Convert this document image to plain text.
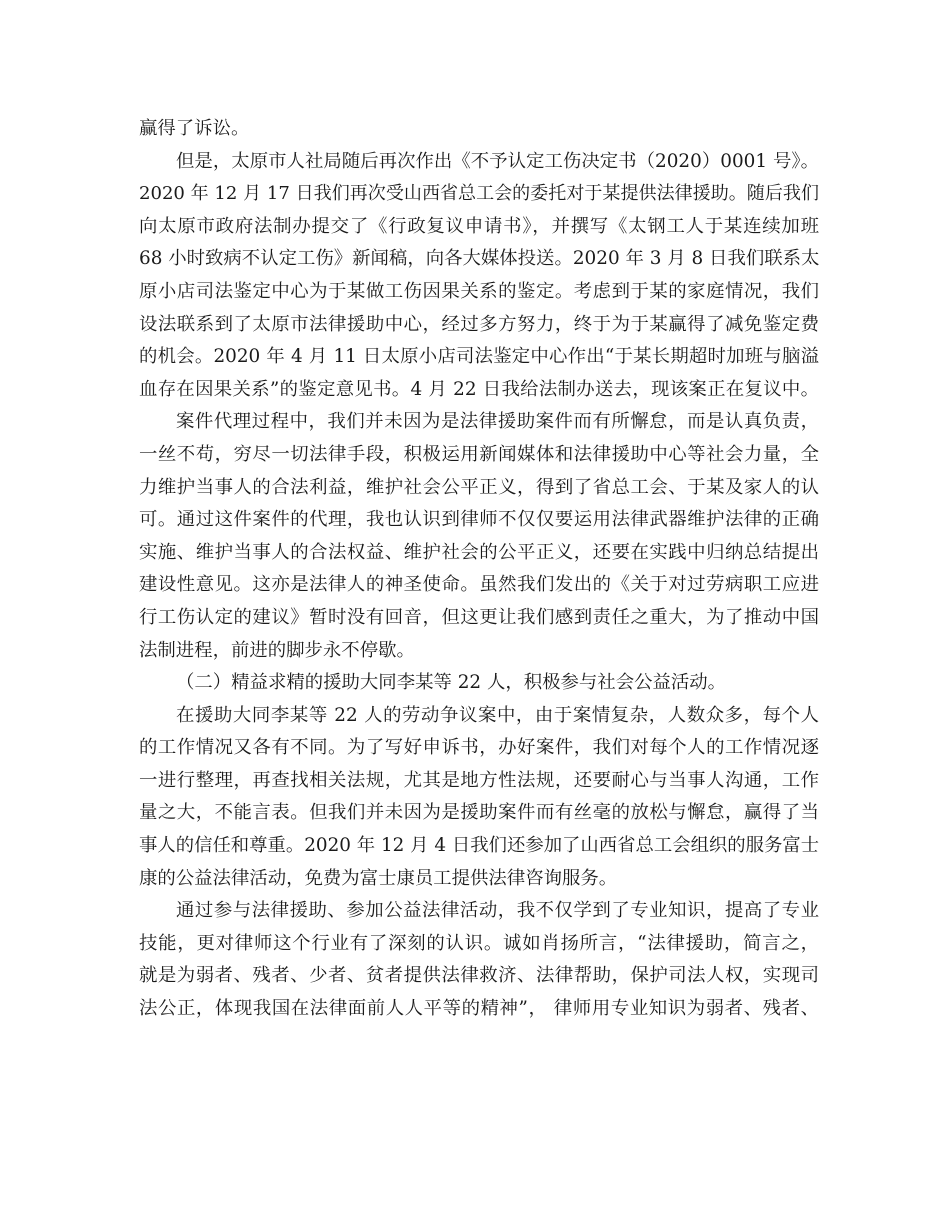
赢得了诉讼。
但是，太原市人社局随后再次作出《不予认定工伤决定书（2020）0001 号》。
2020 年 12 月 17 日我们再次受山西省总工会的委托对于某提供法律援助。随后我们
向太原市政府法制办提交了《行政复议申请书》，并撰写《太钢工人于某连续加班
68 小时致病不认定工伤》新闻稿，向各大媒体投送。2020 年 3 月 8 日我们联系太
原小店司法鉴定中心为于某做工伤因果关系的鉴定。考虑到于某的家庭情况，我们
设法联系到了太原市法律援助中心，经过多方努力，终于为于某赢得了减免鉴定费
的机会。2020 年 4 月 11 日太原小店司法鉴定中心作出“于某长期超时加班与脑溢
血存在因果关系”的鉴定意见书。4 月 22 日我给法制办送去，现该案正在复议中。
案件代理过程中，我们并未因为是法律援助案件而有所懈怠，而是认真负责，
一丝不苟，穷尽一切法律手段，积极运用新闻媒体和法律援助中心等社会力量，全
力维护当事人的合法利益，维护社会公平正义，得到了省总工会、于某及家人的认
可。通过这件案件的代理，我也认识到律师不仅仅要运用法律武器维护法律的正确
实施、维护当事人的合法权益、维护社会的公平正义，还要在实践中归纳总结提出
建设性意见。这亦是法律人的神圣使命。虽然我们发出的《关于对过劳病职工应进
行工伤认定的建议》暂时没有回音，但这更让我们感到责任之重大，为了推动中国
法制进程，前进的脚步永不停歇。
（二）精益求精的援助大同李某等 22 人，积极参与社会公益活动。
在援助大同李某等 22 人的劳动争议案中，由于案情复杂，人数众多，每个人
的工作情况又各有不同。为了写好申诉书，办好案件，我们对每个人的工作情况逐
一进行整理，再查找相关法规，尤其是地方性法规，还要耐心与当事人沟通，工作
量之大，不能言表。但我们并未因为是援助案件而有丝毫的放松与懈怠，赢得了当
事人的信任和尊重。2020 年 12 月 4 日我们还参加了山西省总工会组织的服务富士
康的公益法律活动，免费为富士康员工提供法律咨询服务。
通过参与法律援助、参加公益法律活动，我不仅学到了专业知识，提高了专业
技能，更对律师这个行业有了深刻的认识。诚如肖扬所言，“法律援助，简言之，
就是为弱者、残者、少者、贫者提供法律救济、法律帮助，保护司法人权，实现司
法公正，体现我国在法律面前人人平等的精神”， 律师用专业知识为弱者、残者、
